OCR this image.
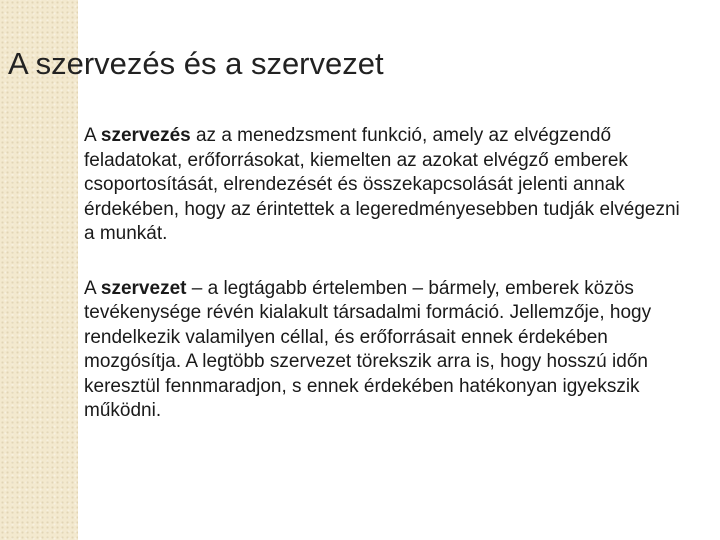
A szervezés és a szervezet

A szervezés az a menedzsment funkció, amely az elvégzendő feladatokat, erőforrásokat, kiemelten az azokat elvégző emberek csoportosítását, elrendezését és összekapcsolását jelenti annak érdekében, hogy az érintettek a legeredményesebben tudják elvégezni a munkát.

A szervezet – a legtágabb értelemben – bármely, emberek közös tevékenysége révén kialakult társadalmi formáció. Jellemzője, hogy rendelkezik valamilyen céllal, és erőforrásait ennek érdekében mozgósítja. A legtöbb szervezet törekszik arra is, hogy hosszú időn keresztül fennmaradjon, s ennek érdekében hatékonyan igyekszik működni.
